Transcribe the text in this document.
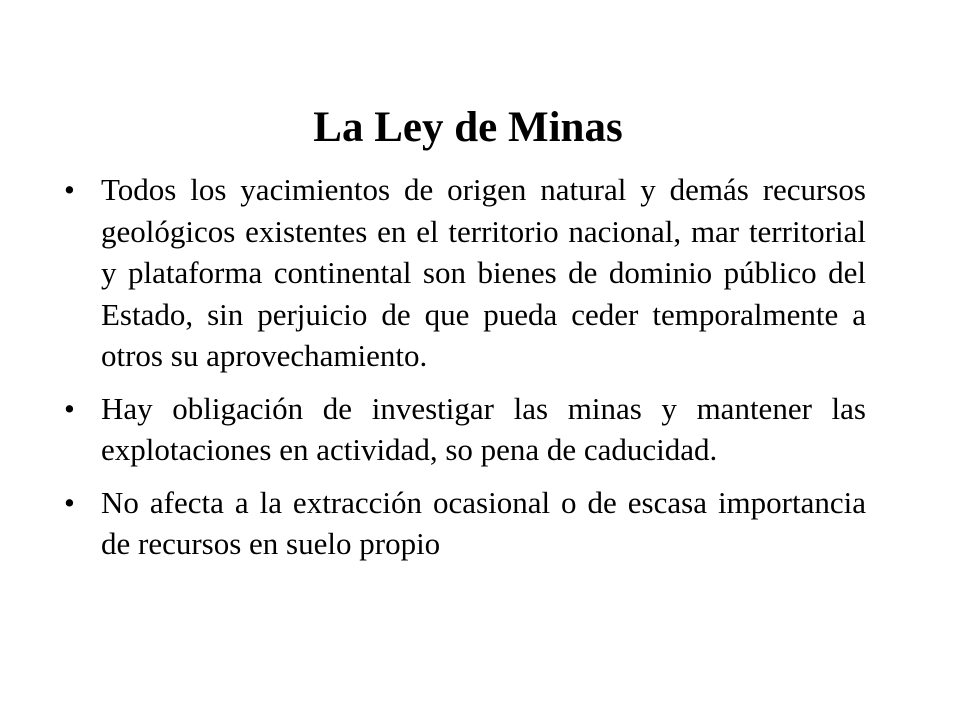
La Ley de Minas
• Todos los yacimientos de origen natural y demás recursos geológicos existentes en el territorio nacional, mar territorial y plataforma continental son bienes de dominio público del Estado, sin perjuicio de que pueda ceder temporalmente a otros su aprovechamiento.
• Hay obligación de investigar las minas y mantener las explotaciones en actividad, so pena de caducidad.
• No afecta a la extracción ocasional o de escasa importancia de recursos en suelo propio
